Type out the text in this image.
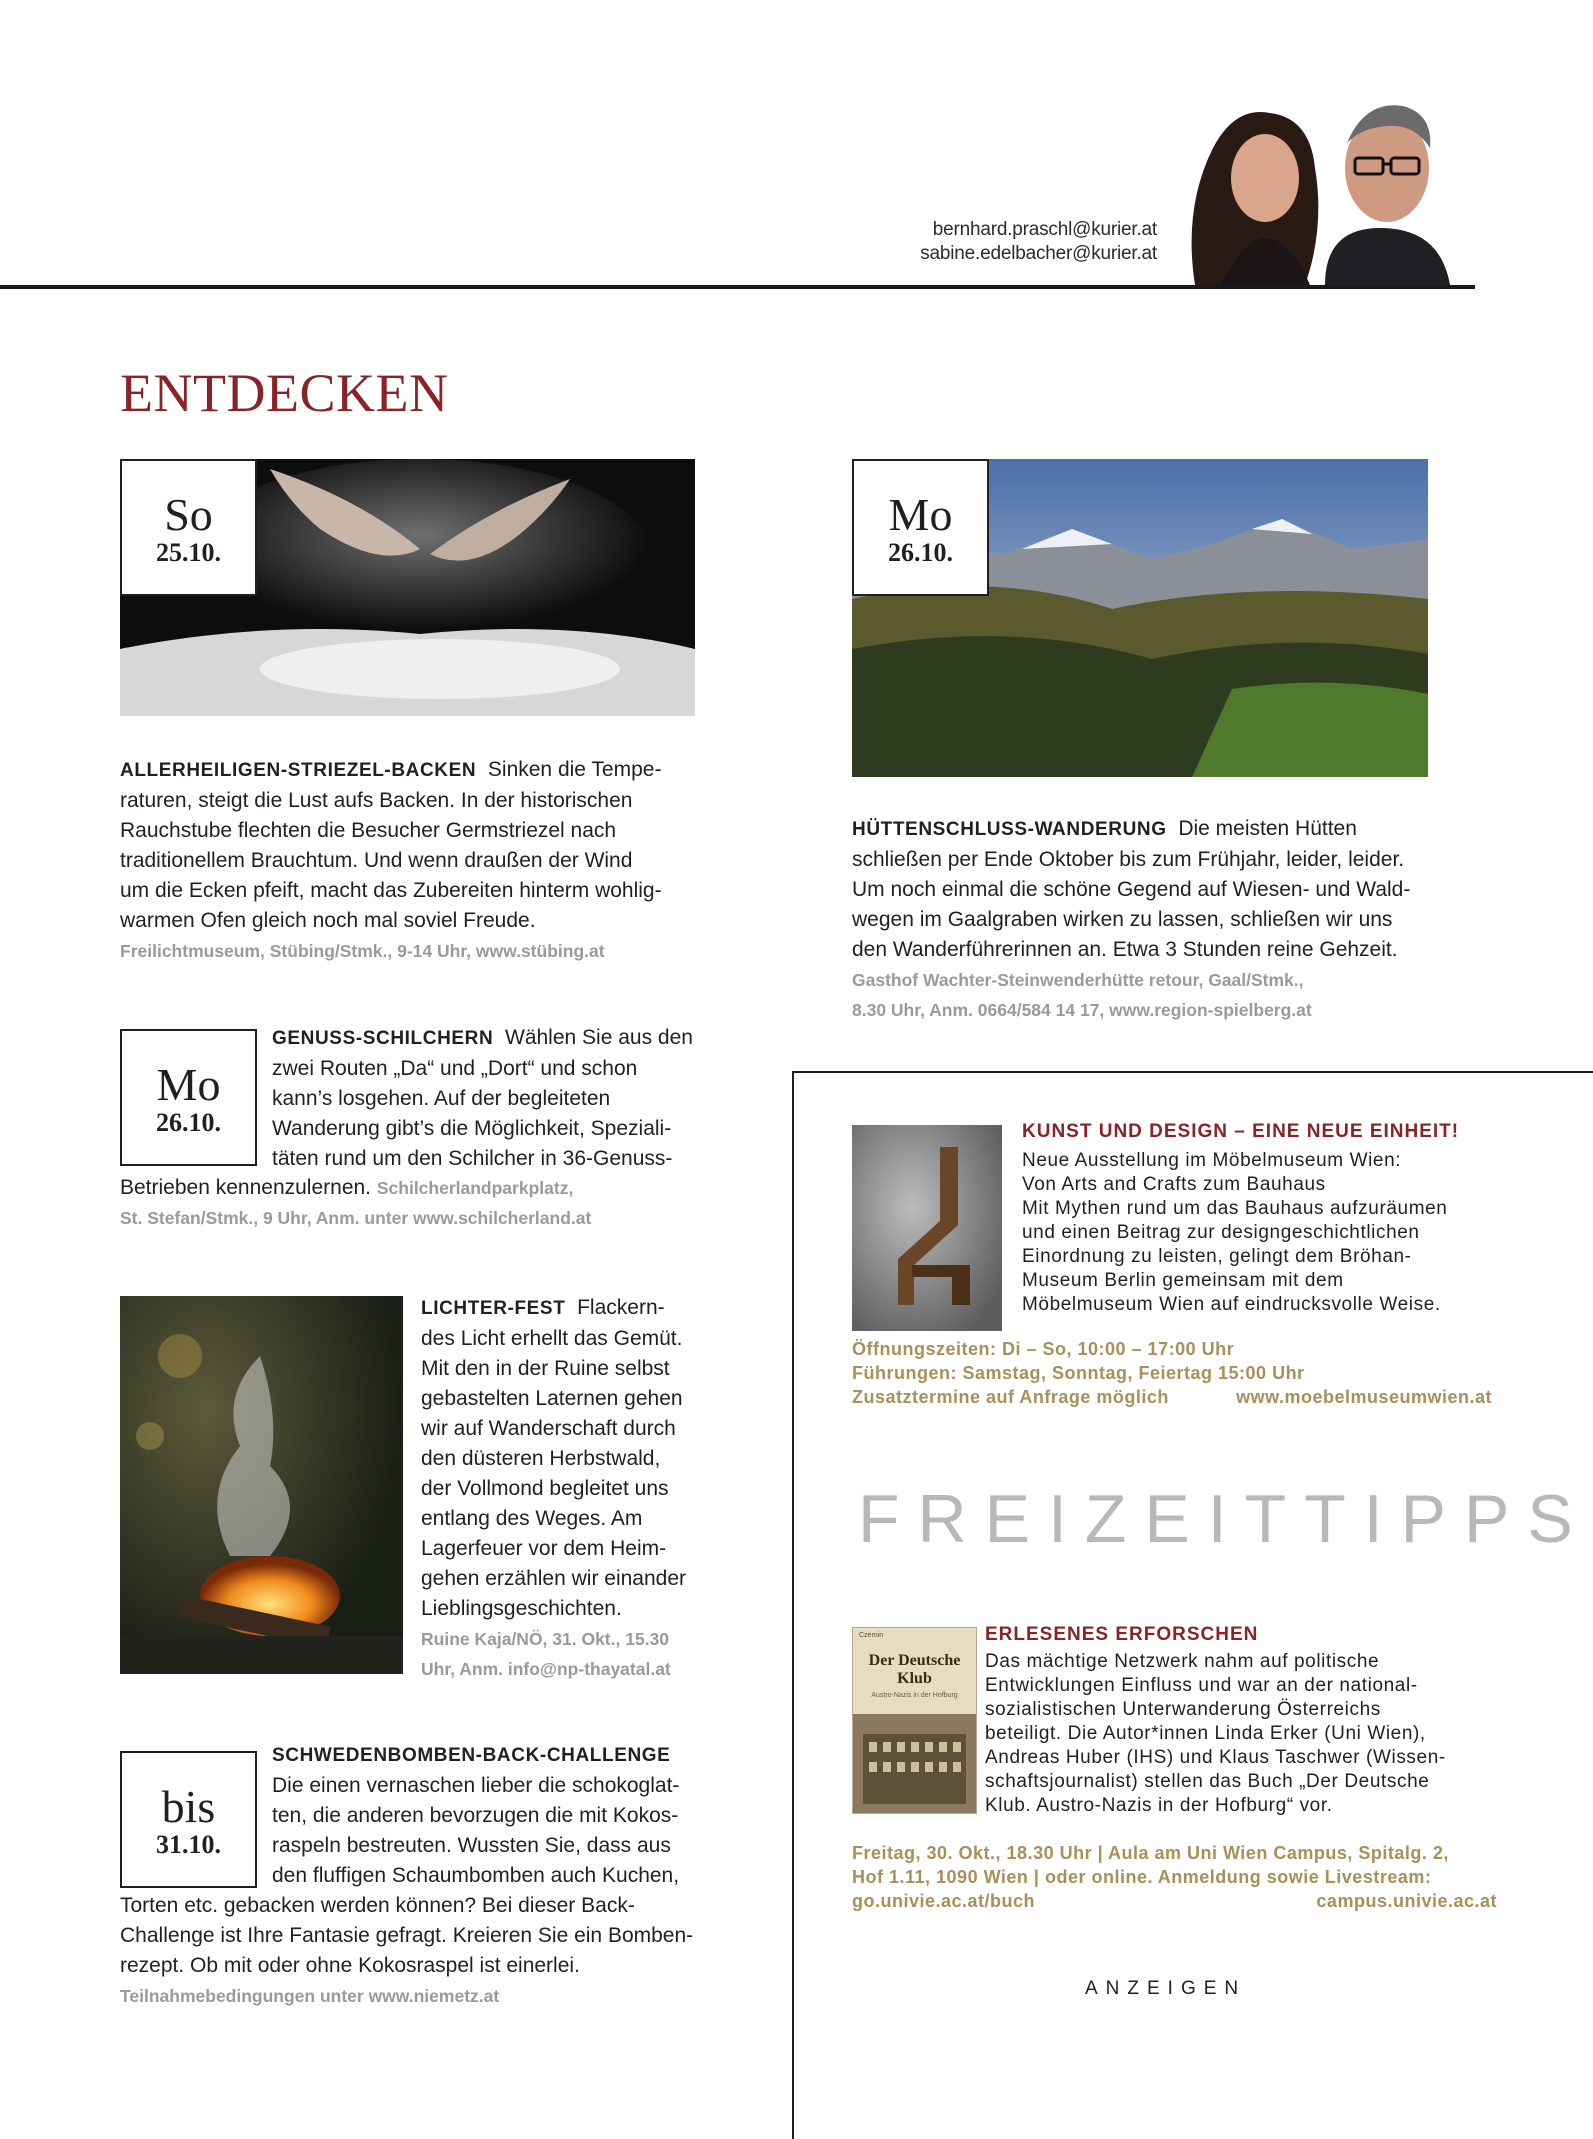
bernhard.praschl@kurier.at
sabine.edelbacher@kurier.at
ENTDECKEN
So
25.10.
ALLERHEILIGEN-STRIEZEL-BACKEN Sinken die Tempe-
raturen, steigt die Lust aufs Backen. In der historischen
Rauchstube flechten die Besucher Germstriezel nach
traditionellem Brauchtum. Und wenn draußen der Wind
um die Ecken pfeift, macht das Zubereiten hinterm wohlig-
warmen Ofen gleich noch mal soviel Freude.
Freilichtmuseum, Stübing/Stmk., 9-14 Uhr, www.stübing.at
Mo
26.10.
GENUSS-SCHILCHERN Wählen Sie aus den
zwei Routen „Da“ und „Dort“ und schon
kann’s losgehen. Auf der begleiteten
Wanderung gibt’s die Möglichkeit, Speziali-
täten rund um den Schilcher in 36-Genuss-
Betrieben kennenzulernen. Schilcherlandparkplatz,
St. Stefan/Stmk., 9 Uhr, Anm. unter www.schilcherland.at
LICHTER-FEST Flackern-
des Licht erhellt das Gemüt.
Mit den in der Ruine selbst
gebastelten Laternen gehen
wir auf Wanderschaft durch
den düsteren Herbstwald,
der Vollmond begleitet uns
entlang des Weges. Am
Lagerfeuer vor dem Heim-
gehen erzählen wir einander
Lieblingsgeschichten.
Ruine Kaja/NÖ, 31. Okt., 15.30
Uhr, Anm. info@np-thayatal.at
bis
31.10.
SCHWEDENBOMBEN-BACK-CHALLENGE
Die einen vernaschen lieber die schokoglat-
ten, die anderen bevorzugen die mit Kokos-
raspeln bestreuten. Wussten Sie, dass aus
den fluffigen Schaumbomben auch Kuchen,
Torten etc. gebacken werden können? Bei dieser Back-
Challenge ist Ihre Fantasie gefragt. Kreieren Sie ein Bomben-
rezept. Ob mit oder ohne Kokosraspel ist einerlei.
Teilnahmebedingungen unter www.niemetz.at
Mo
26.10.
HÜTTENSCHLUSS-WANDERUNG Die meisten Hütten
schließen per Ende Oktober bis zum Frühjahr, leider, leider.
Um noch einmal die schöne Gegend auf Wiesen- und Wald-
wegen im Gaalgraben wirken zu lassen, schließen wir uns
den Wanderführerinnen an. Etwa 3 Stunden reine Gehzeit.
Gasthof Wachter-Steinwenderhütte retour, Gaal/Stmk.,
8.30 Uhr, Anm. 0664/584 14 17, www.region-spielberg.at
KUNST UND DESIGN – EINE NEUE EINHEIT!
Neue Ausstellung im Möbelmuseum Wien:
Von Arts and Crafts zum Bauhaus
Mit Mythen rund um das Bauhaus aufzuräumen
und einen Beitrag zur designgeschichtlichen
Einordnung zu leisten, gelingt dem Bröhan-
Museum Berlin gemeinsam mit dem
Möbelmuseum Wien auf eindrucksvolle Weise.
Öffnungszeiten: Di – So, 10:00 – 17:00 Uhr
Führungen: Samstag, Sonntag, Feiertag 15:00 Uhr
Zusatztermine auf Anfrage möglich	www.moebelmuseumwien.at
FREIZEITTIPPS
Czernin
Der Deutsche Klub
Austro-Nazis in der Hofburg
ERLESENES ERFORSCHEN
Das mächtige Netzwerk nahm auf politische
Entwicklungen Einfluss und war an der national-
sozialistischen Unterwanderung Österreichs
beteiligt. Die Autor*innen Linda Erker (Uni Wien),
Andreas Huber (IHS) und Klaus Taschwer (Wissen-
schaftsjournalist) stellen das Buch „Der Deutsche
Klub. Austro-Nazis in der Hofburg“ vor.
Freitag, 30. Okt., 18.30 Uhr | Aula am Uni Wien Campus, Spitalg. 2,
Hof 1.11, 1090 Wien | oder online. Anmeldung sowie Livestream:
go.univie.ac.at/buch	campus.univie.ac.at
ANZEIGEN
